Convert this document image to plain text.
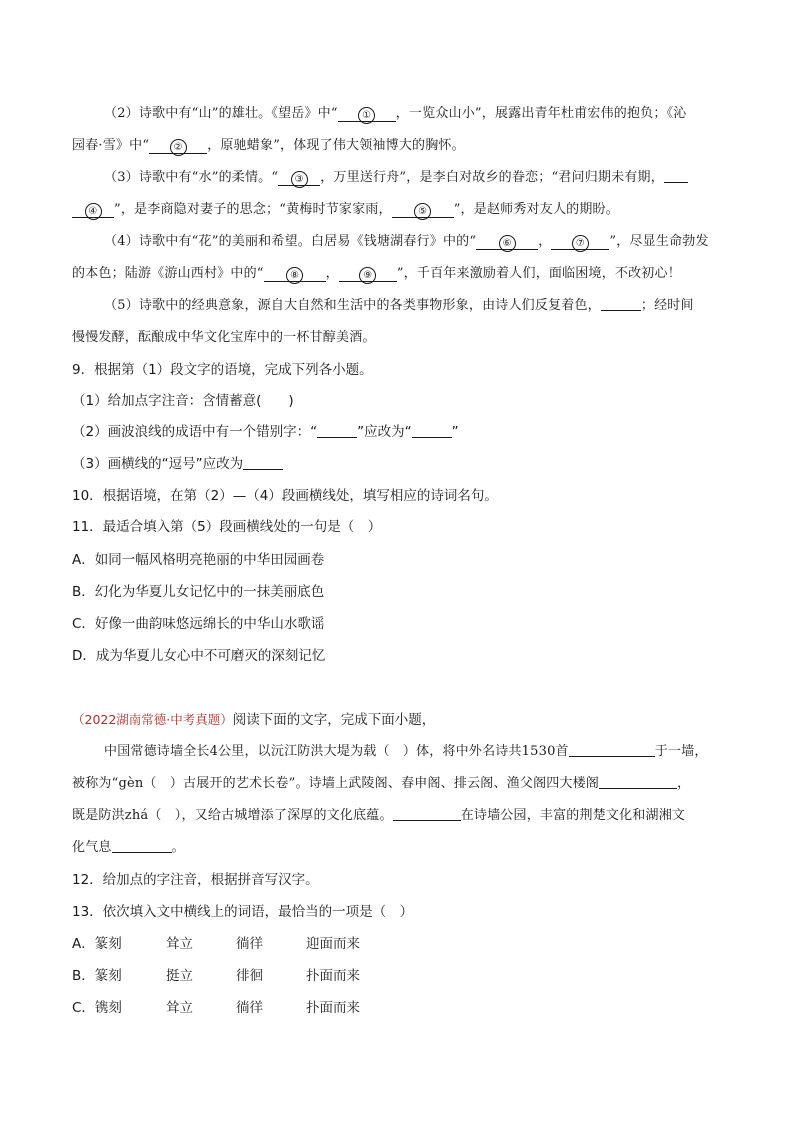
（2）诗歌中有“山”的雄壮。《望岳》中“ ① ，一览众山小”，展露出青年杜甫宏伟的抱负；《沁
园春·雪》中“ ② ，原驰蜡象”，体现了伟大领袖博大的胸怀。
（3）诗歌中有“水”的柔情。“ ③ ，万里送行舟”，是李白对故乡的眷恋；“君问归期未有期，
④ ”，是李商隐对妻子的思念；“黄梅时节家家雨，	⑤ ”，是赵师秀对友人的期盼。
（4）诗歌中有“花”的美丽和希望。白居易《钱塘湖春行》中的“	⑥ ， ⑦ ”，尽显生命勃发
的本色；陆游《游山西村》中的“	⑧ ， ⑨ ”，千百年来激励着人们，面临困境，不改初心！
（5）诗歌中的经典意象，源自大自然和生活中的各类事物形象，由诗人们反复着色，	；经时间
慢慢发酵，酝酿成中华文化宝库中的一杯甘醇美酒。
9．根据第（1）段文字的语境，完成下列各小题。
（1）给加点字注音：含情蓄意(　　)
（2）画波浪线的成语中有一个错别字：“	”应改为“	”
（3）画横线的“逗号”应改为
10．根据语境，在第（2）—（4）段画横线处，填写相应的诗词名句。
11．最适合填入第（5）段画横线处的一句是（　）
A．如同一幅风格明亮艳丽的中华田园画卷
B．幻化为华夏儿女记忆中的一抹美丽底色
C．好像一曲韵味悠远绵长的中华山水歌谣
D．成为华夏儿女心中不可磨灭的深刻记忆
（2022湖南常德·中考真题）阅读下面的文字，完成下面小题，
中国常德诗墙全长4公里，以沅江防洪大堤为载（　）体，将中外名诗共1530首	于一墙，
被称为“gèn（　）古展开的艺术长卷”。诗墙上武陵阁、春申阁、排云阁、渔父阁四大楼阁	，
既是防洪zhá（　），又给古城增添了深厚的文化底蕴。	在诗墙公园，丰富的荆楚文化和湖湘文
化气息	。
12．给加点的字注音，根据拼音写汉字。
13．依次填入文中横线上的词语，最恰当的一项是（　）
A．篆刻	耸立	徜徉	迎面而来
B．篆刻	挺立	徘徊	扑面而来
C．镌刻	耸立	徜徉	扑面而来
